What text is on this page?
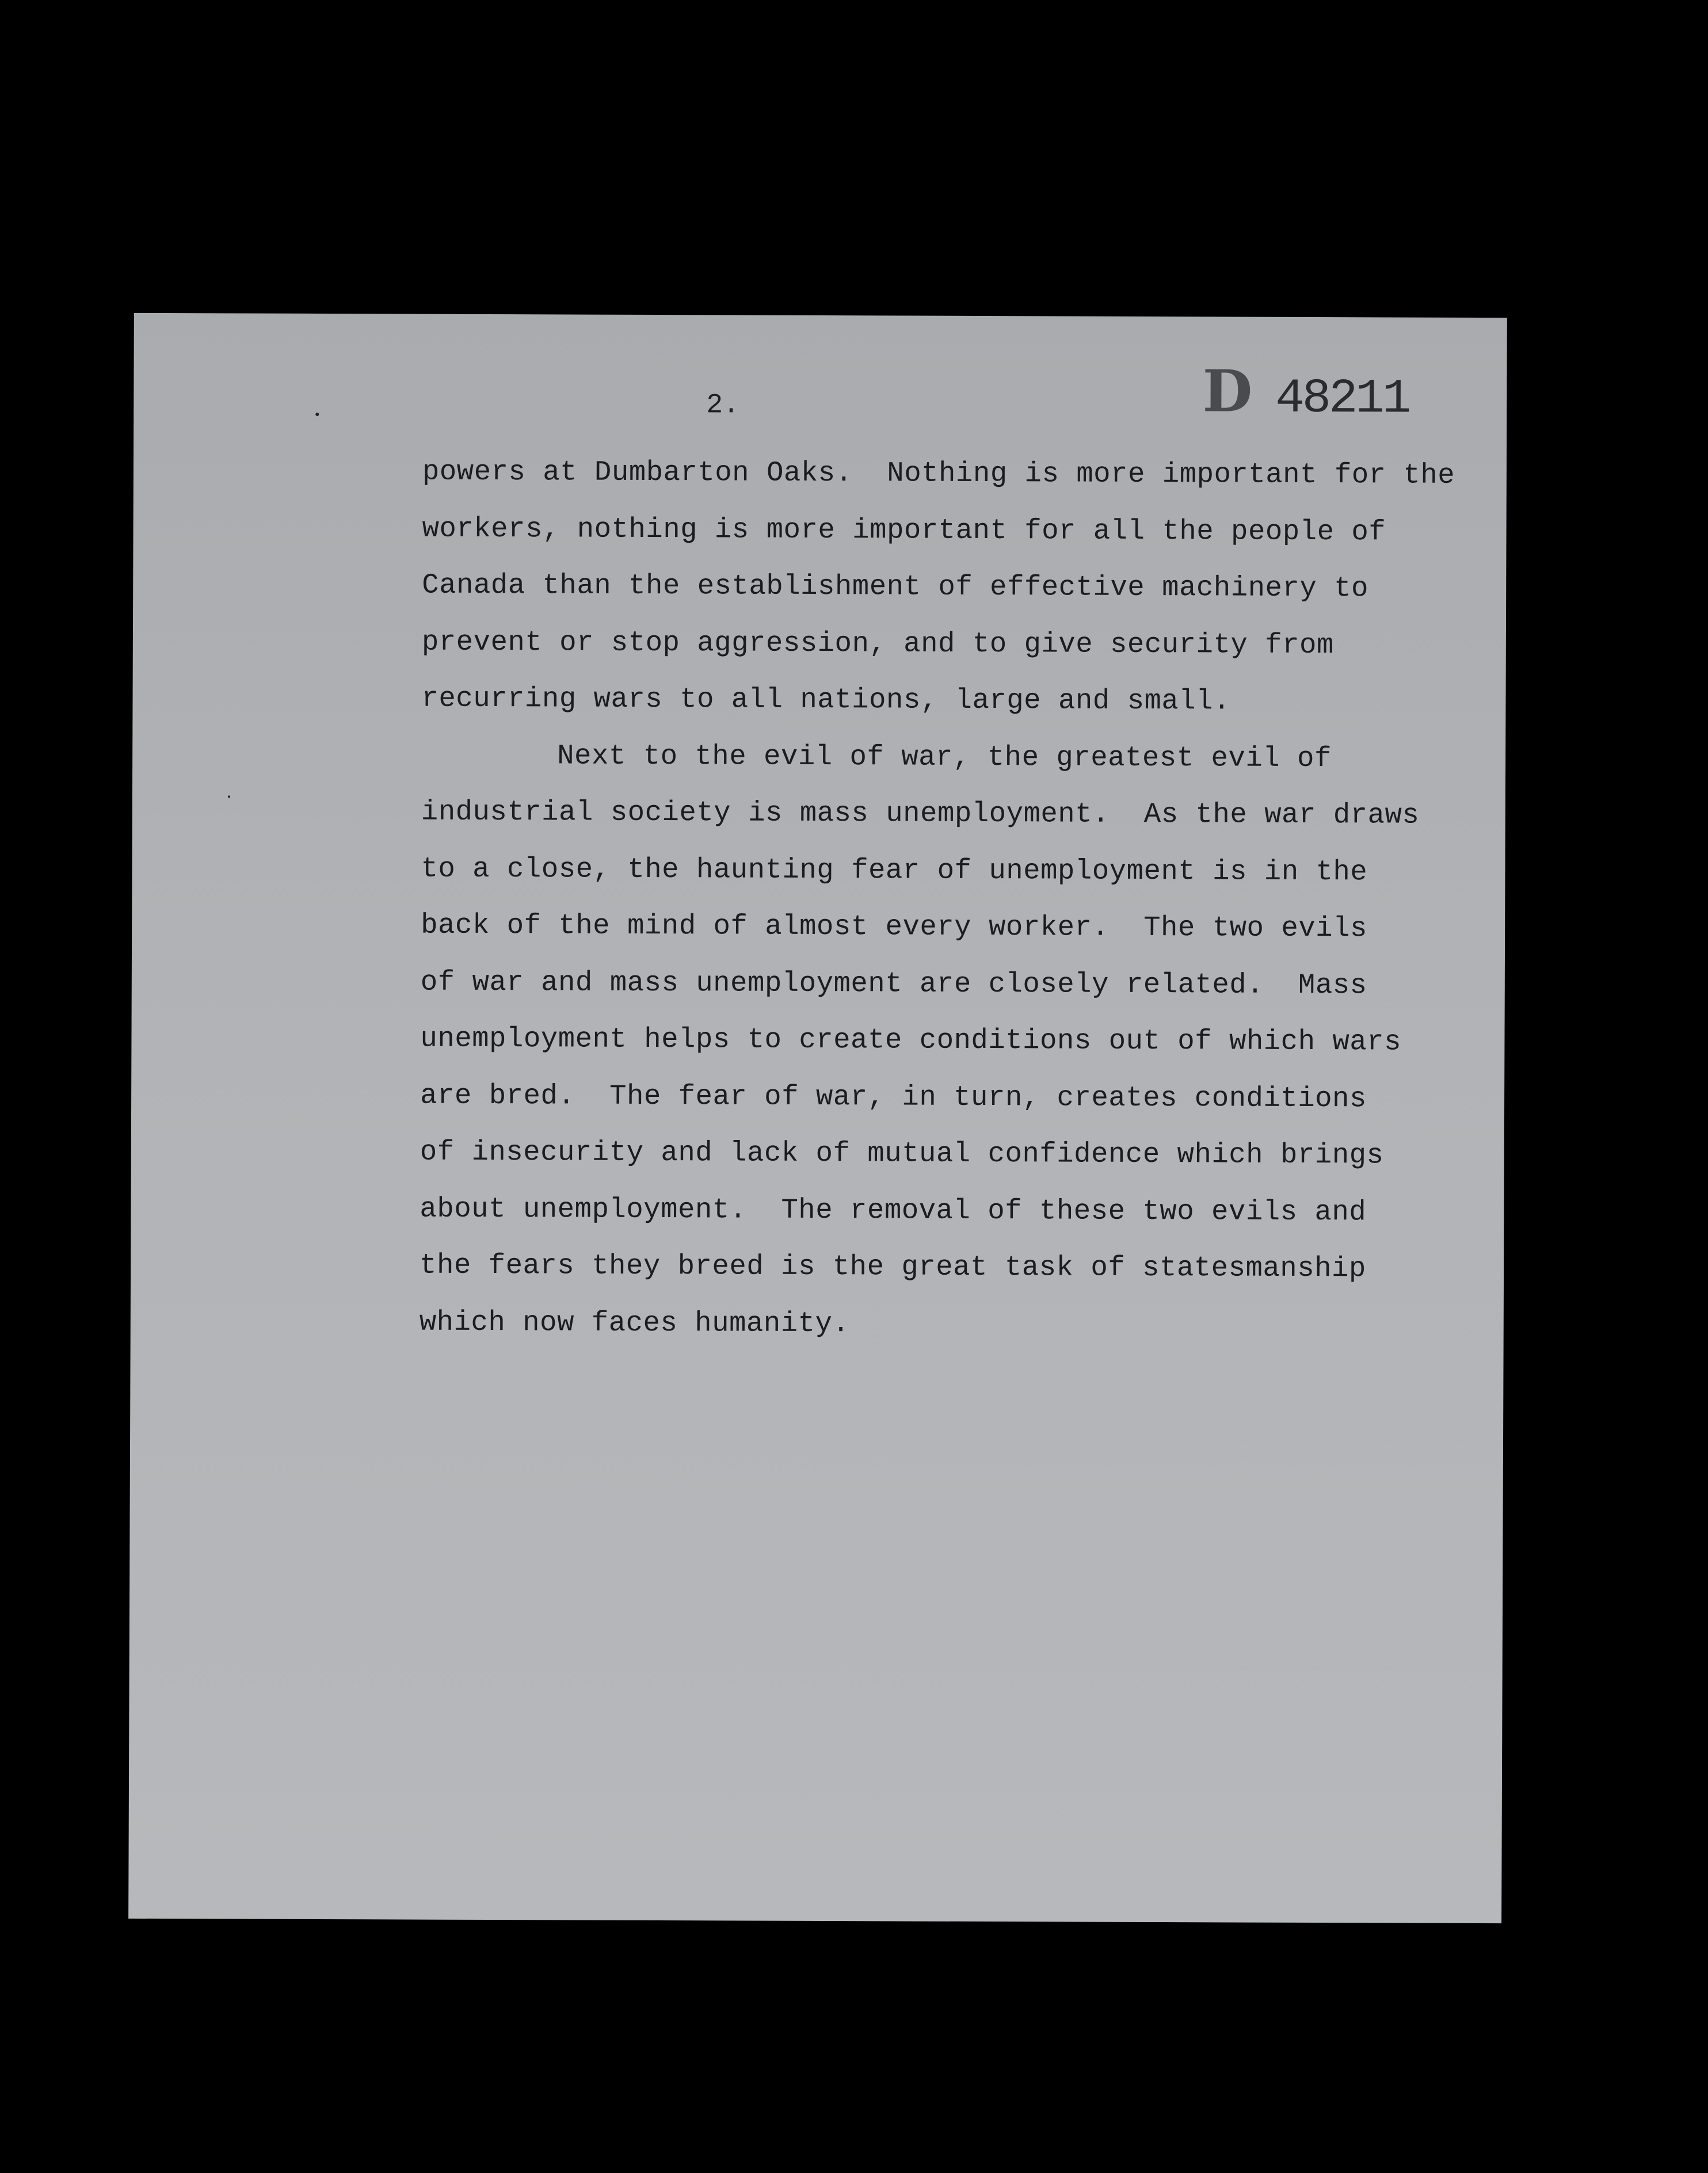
2.	D 48211

powers at Dumbarton Oaks.  Nothing is more important for the
workers, nothing is more important for all the people of
Canada than the establishment of effective machinery to
prevent or stop aggression, and to give security from
recurring wars to all nations, large and small.

Next to the evil of war, the greatest evil of
industrial society is mass unemployment.  As the war draws
to a close, the haunting fear of unemployment is in the
back of the mind of almost every worker.  The two evils
of war and mass unemployment are closely related.  Mass
unemployment helps to create conditions out of which wars
are bred.  The fear of war, in turn, creates conditions
of insecurity and lack of mutual confidence which brings
about unemployment.  The removal of these two evils and
the fears they breed is the great task of statesmanship
which now faces humanity.
